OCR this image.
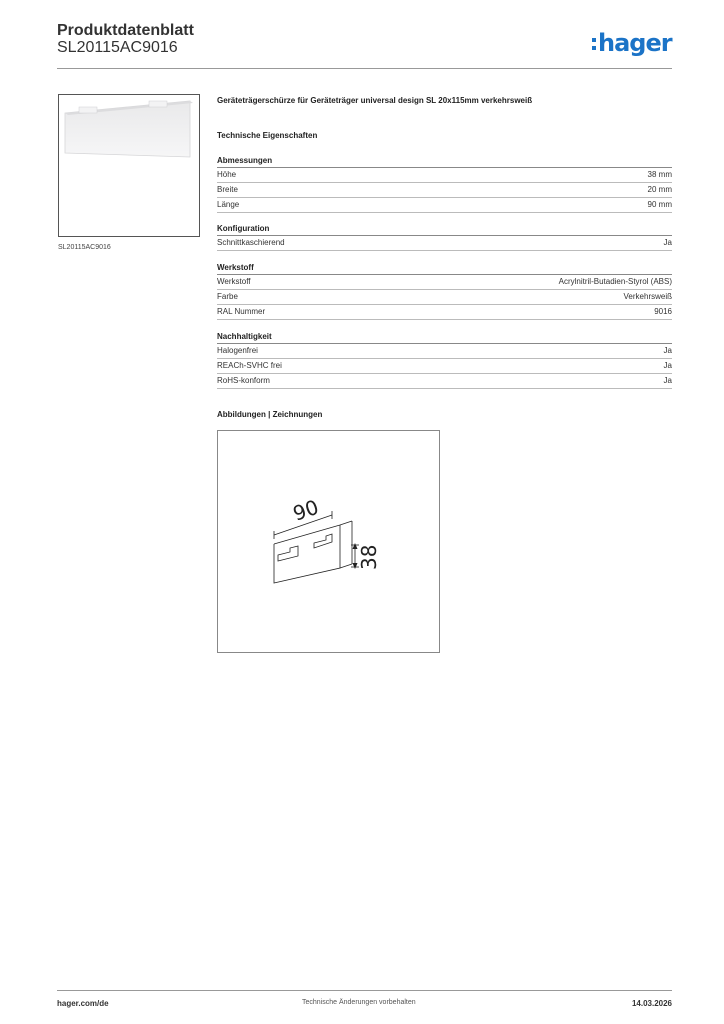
Produktdatenblatt
SL20115AC9016	hager
SL20115AC9016
Geräteträgerschürze für Geräteträger universal design SL 20x115mm verkehrsweiß
Technische Eigenschaften
Abmessungen
Höhe	38 mm
Breite	20 mm
Länge	90 mm
Konfiguration
Schnittkaschierend	Ja
Werkstoff
Werkstoff	Acrylnitril-Butadien-Styrol (ABS)
Farbe	Verkehrsweiß
RAL Nummer	9016
Nachhaltigkeit
Halogenfrei	Ja
REACh-SVHC frei	Ja
RoHS-konform	Ja
Abbildungen | Zeichnungen
90
38
hager.com/de	Technische Änderungen vorbehalten	14.03.2026
